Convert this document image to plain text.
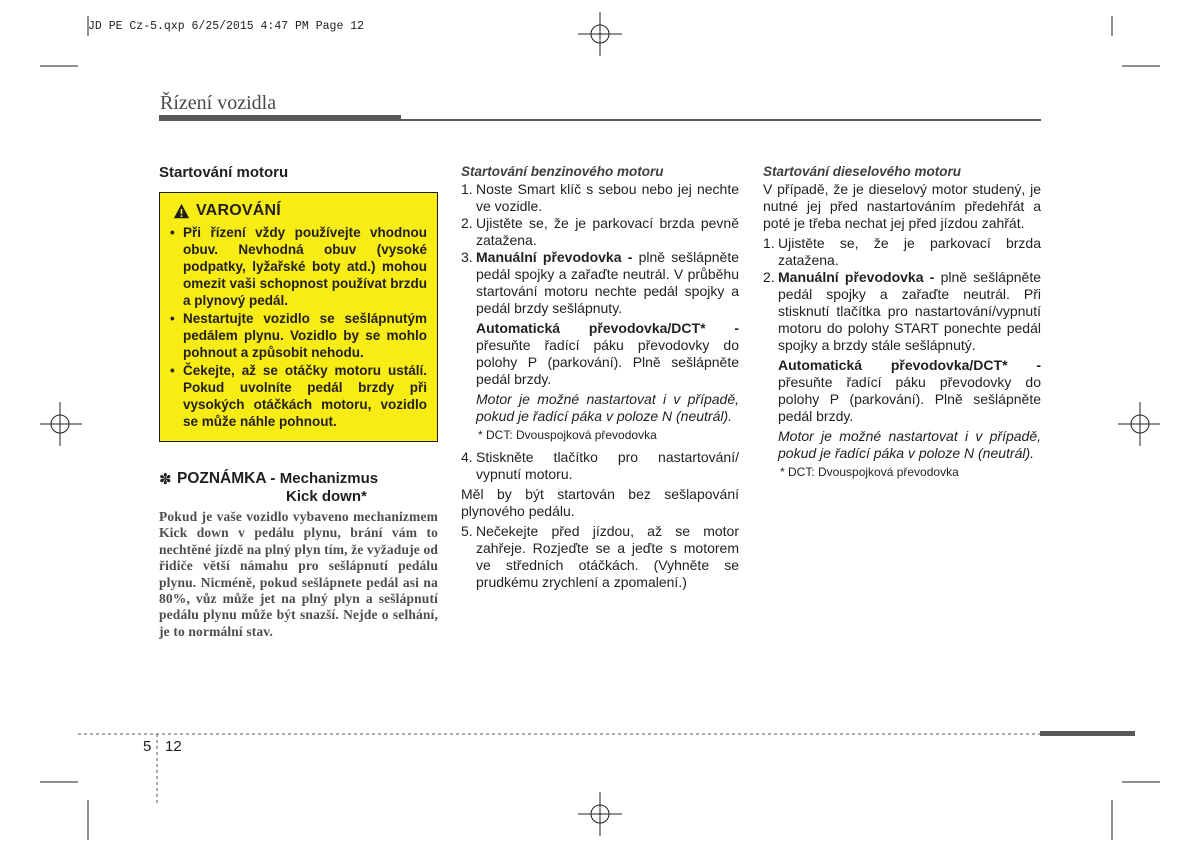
JD PE Cz-5.qxp 6/25/2015 4:47 PM Page 12
Řízení vozidla
Startování motoru
VAROVÁNÍ
• Při řízení vždy používejte vhodnou obuv. Nevhodná obuv (vysoké podpatky, lyžařské boty atd.) mohou omezit vaši schopnost používat brzdu a plynový pedál.
• Nestartujte vozidlo se sešlápnutým pedálem plynu. Vozidlo by se mohlo pohnout a způsobit nehodu.
• Čekejte, až se otáčky motoru ustálí. Pokud uvolníte pedál brzdy při vysokých otáčkách motoru, vozidlo se může náhle pohnout.
✽ POZNÁMKA - Mechanizmus
Kick down*
Pokud je vaše vozidlo vybaveno mechanizmem Kick down v pedálu plynu, brání vám to nechtěné jízdě na plný plyn tím, že vyžaduje od řidiče větší námahu pro sešlápnutí pedálu plynu. Nicméně, pokud sešlápnete pedál asi na 80%, vůz může jet na plný plyn a sešlápnutí pedálu plynu může být snazší. Nejde o selhání, je to normální stav.
Startování benzinového motoru
1. Noste Smart klíč s sebou nebo jej nechte ve vozidle.
2. Ujistěte se, že je parkovací brzda pevně zatažena.
3. Manuální převodovka - plně sešlápněte pedál spojky a zařaďte neutrál. V průběhu startování motoru nechte pedál spojky a pedál brzdy sešlápnuty.
Automatická převodovka/DCT* - přesuňte řadící páku převodovky do polohy P (parkování). Plně sešlápněte pedál brzdy.
Motor je možné nastartovat i v případě, pokud je řadící páka v poloze N (neutrál).
* DCT: Dvouspojková převodovka
4. Stiskněte tlačítko pro nastartování/ vypnutí motoru.

Měl by být startován bez sešlapování plynového pedálu.

5. Nečekejte před jízdou, až se motor zahřeje. Rozjeďte se a jeďte s motorem ve středních otáčkách. (Vyhněte se prudkému zrychlení a zpomalení.)
Startování dieselového motoru

V případě, že je dieselový motor studený, je nutné jej před nastartováním předehřát a poté je třeba nechat jej před jízdou zahřát.

1. Ujistěte se, že je parkovací brzda zatažena.
2. Manuální převodovka - plně sešlápněte pedál spojky a zařaďte neutrál. Při stisknutí tlačítka pro nastartování/vypnutí motoru do polohy START ponechte pedál spojky a brzdy stále sešlápnutý.
Automatická převodovka/DCT* - přesuňte řadící páku převodovky do polohy P (parkování). Plně sešlápněte pedál brzdy.
Motor je možné nastartovat i v případě, pokud je řadící páka v poloze N (neutrál).
* DCT: Dvouspojková převodovka
5 12
